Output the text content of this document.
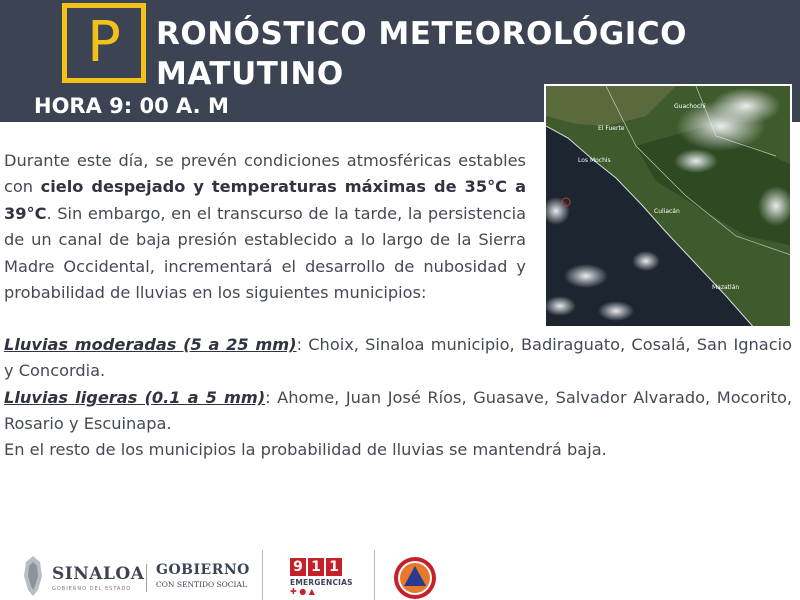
P	RONÓSTICO METEOROLÓGICO
MATUTINO
HORA 9: 00 A. M	Guachochi
El Fuerte
Los Mochis
Culiacán
Mazatlán
Durante este día, se prevén condiciones atmosféricas estables con cielo despejado y temperaturas máximas de 35°C a 39°C. Sin embargo, en el transcurso de la tarde, la persistencia de un canal de baja presión establecido a lo largo de la Sierra Madre Occidental, incrementará el desarrollo de nubosidad y probabilidad de lluvias en los siguientes municipios:
Lluvias moderadas (5 a 25 mm): Choix, Sinaloa municipio, Badiraguato, Cosalá, San Ignacio y Concordia.
Lluvias ligeras (0.1 a 5 mm): Ahome, Juan José Ríos, Guasave, Salvador Alvarado, Mocorito, Rosario y Escuinapa.
En el resto de los municipios la probabilidad de lluvias se mantendrá baja.
SINALOA
GOBIERNO DEL ESTADO
GOBIERNO
CON SENTIDO SOCIAL
9 1 1
EMERGENCIAS
✚ ● ▲
